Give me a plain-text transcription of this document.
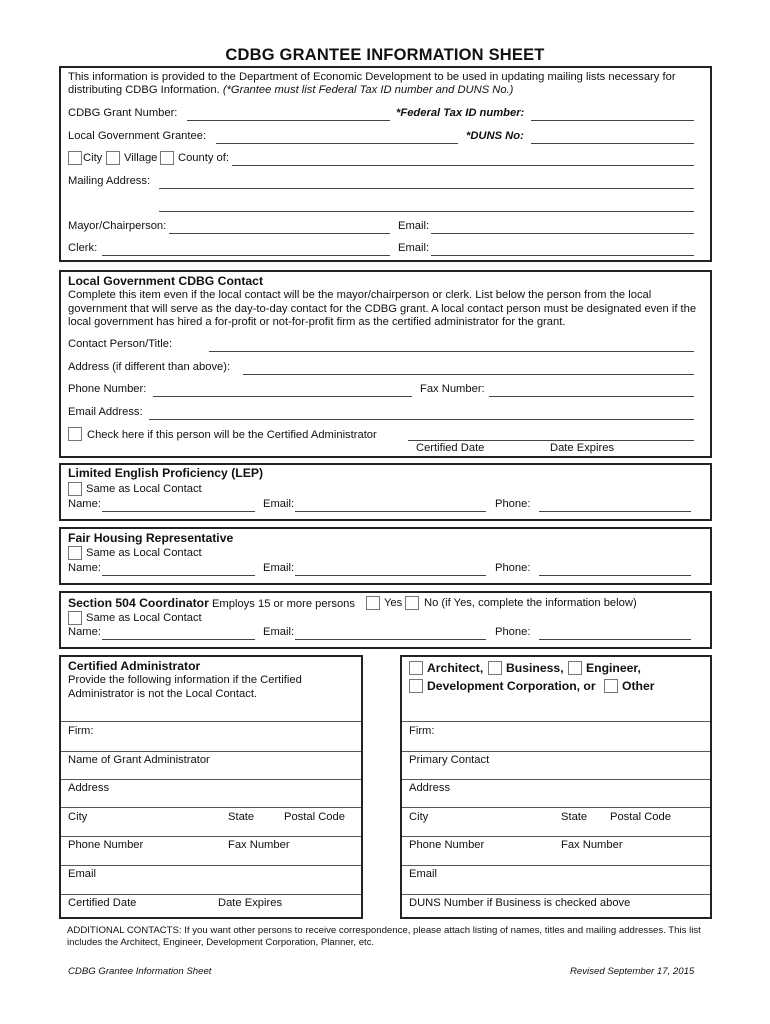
CDBG GRANTEE INFORMATION SHEET
This information is provided to the Department of Economic Development to be used in updating mailing lists necessary for distributing CDBG Information. (*Grantee must list Federal Tax ID number and DUNS No.)
CDBG Grant Number:	*Federal Tax ID number:
Local Government Grantee:	*DUNS No:
City Village County of:
Mailing Address:
Mayor/Chairperson:	Email:
Clerk:	Email:
Local Government CDBG Contact
Complete this item even if the local contact will be the mayor/chairperson or clerk. List below the person from the local government that will serve as the day-to-day contact for the CDBG grant. A local contact person must be designated even if the local government has hired a for-profit or not-for-profit firm as the certified administrator for the grant.
Contact Person/Title:
Address (if different than above):
Phone Number:	Fax Number:
Email Address:
Check here if this person will be the Certified Administrator
Certified Date	Date Expires
Limited English Proficiency (LEP)
Same as Local Contact
Name:	Email:	Phone:
Fair Housing Representative
Same as Local Contact
Name:	Email:	Phone:
Section 504 Coordinator Employs 15 or more persons	Yes No (if Yes, complete the information below)
Same as Local Contact
Name:	Email:	Phone:
Certified Administrator
Provide the following information if the Certified Administrator is not the Local Contact.
Firm:
Name of Grant Administrator
Address
City	State	Postal Code
Phone Number	Fax Number
Email
Certified Date	Date Expires
Architect, Business, Engineer,
Development Corporation, or Other
Firm:
Primary Contact
Address
City	State Postal Code
Phone Number	Fax Number
Email
DUNS Number if Business is checked above
ADDITIONAL CONTACTS: If you want other persons to receive correspondence, please attach listing of names, titles and mailing addresses. This list includes the Architect, Engineer, Development Corporation, Planner, etc.
CDBG Grantee Information Sheet	Revised September 17, 2015
